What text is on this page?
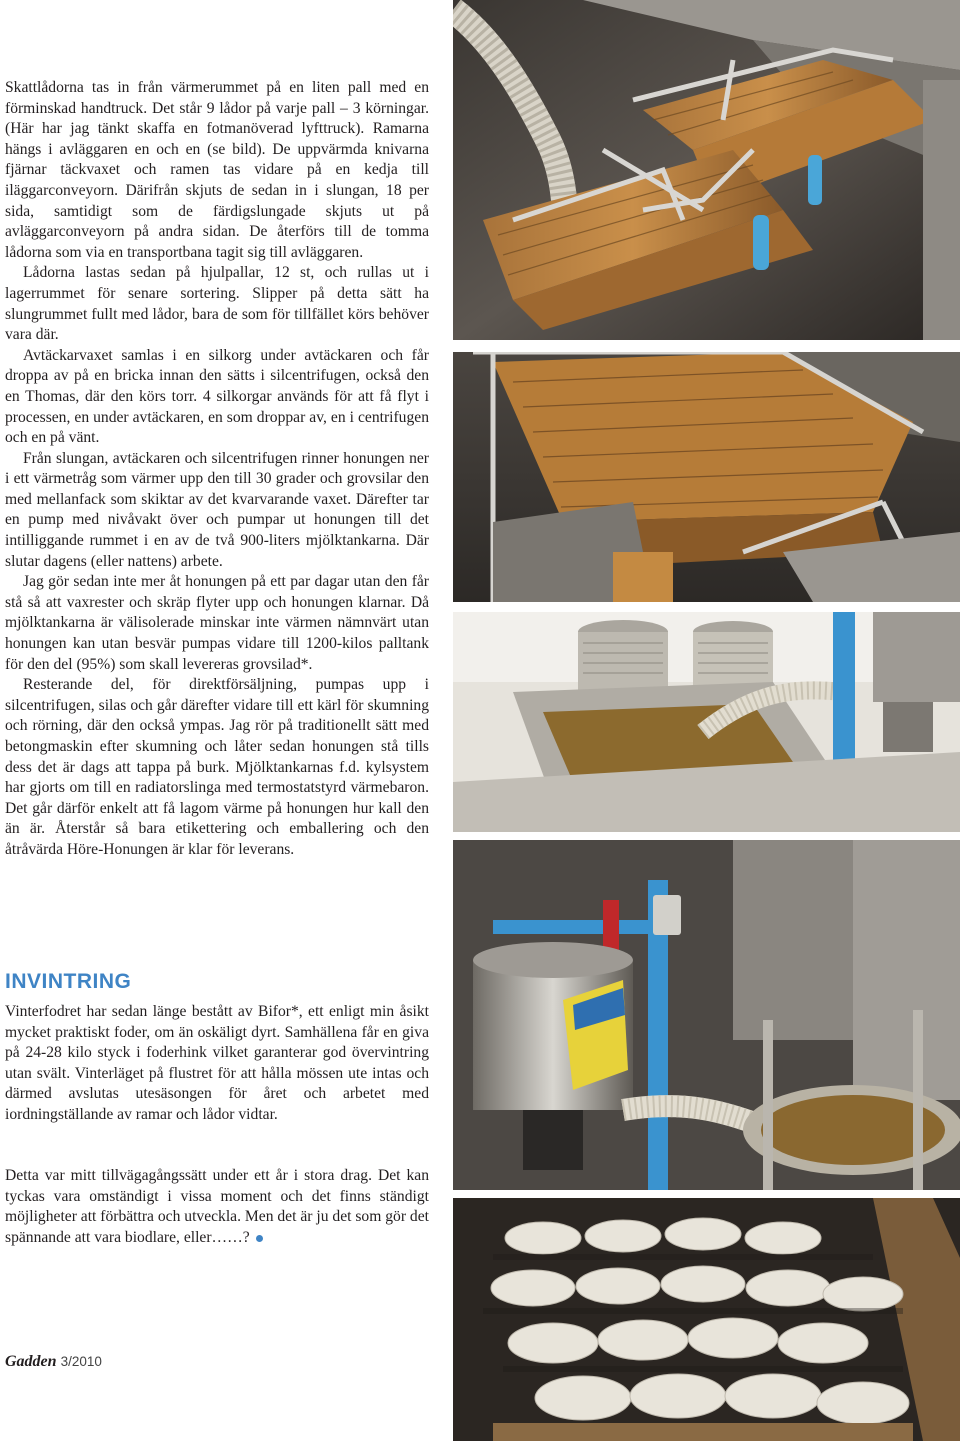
Skattlådorna tas in från värmerummet på en liten pall med en förminskad handtruck. Det står 9 lådor på varje pall – 3 körningar. (Här har jag tänkt skaffa en fotmanöverad lyfttruck). Ramarna hängs i avläggaren en och en (se bild). De uppvärmda knivarna fjärnar täckvaxet och ramen tas vidare på en kedja till iläggarconveyorn. Därifrån skjuts de sedan in i slungan, 18 per sida, samtidigt som de färdigslungade skjuts ut på avläggarconveyorn på andra sidan. De återförs till de tomma lådorna som via en transportbana tagit sig till avläggaren.

Lådorna lastas sedan på hjulpallar, 12 st, och rullas ut i lagerrummet för senare sortering. Slipper på detta sätt ha slungrummet fullt med lådor, bara de som för tillfället körs behöver vara där.

Avtäckarvaxet samlas i en silkorg under avtäckaren och får droppa av på en bricka innan den sätts i silcentrifugen, också den en Thomas, där den körs torr. 4 silkorgar används för att få flyt i processen, en under avtäckaren, en som droppar av, en i centrifugen och en på vänt.

Från slungan, avtäckaren och silcentrifugen rinner honungen ner i ett värmetråg som värmer upp den till 30 grader och grovsilar den med mellanfack som skiktar av det kvarvarande vaxet. Därefter tar en pump med nivåvakt över och pumpar ut honungen till det intilliggande rummet i en av de två 900-liters mjölktankarna. Där slutar dagens (eller nattens) arbete.

Jag gör sedan inte mer åt honungen på ett par dagar utan den får stå så att vaxrester och skräp flyter upp och honungen klarnar. Då mjölktankarna är välisolerade minskar inte värmen nämnvärt utan honungen kan utan besvär pumpas vidare till 1200-kilos palltank för den del (95%) som skall levereras grovsilad*.

Resterande del, för direktförsäljning, pumpas upp i silcentrifugen, silas och går därefter vidare till ett kärl för skumning och rörning, där den också ympas. Jag rör på traditionellt sätt med betongmaskin efter skumning och låter sedan honungen stå tills dess det är dags att tappa på burk. Mjölktankarnas f.d. kylsystem har gjorts om till en radiatorslinga med termostatstyrd värmebaron. Det går därför enkelt att få lagom värme på honungen hur kall den än är. Återstår så bara etikettering och emballering och den åtråvärda Höre-Honungen är klar för leverans.

INVINTRING

Vinterfodret har sedan länge bestått av Bifor*, ett enligt min åsikt mycket praktiskt foder, om än oskäligt dyrt. Samhällena får en giva på 24-28 kilo styck i foderhink vilket garanterar god övervintring utan svält. Vinterläget på flustret för att hålla mössen ute intas och därmed avslutas utesäsongen för året och arbetet med iordningställande av ramar och lådor vidtar.

Detta var mitt tillvägagångssätt under ett år i stora drag. Det kan tyckas vara omständigt i vissa moment och det finns ständigt möjligheter att förbättra och utveckla. Men det är ju det som gör det spännande att vara biodlare, eller……?

Gadden 3/2010
